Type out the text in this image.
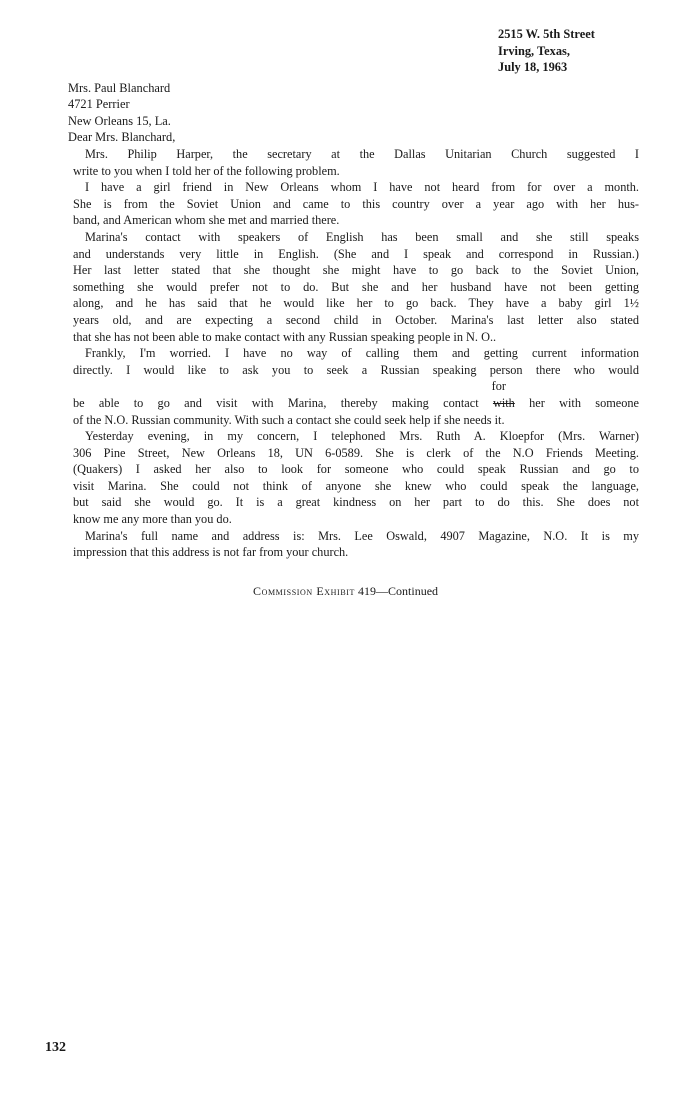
2515 W. 5th Street
Irving, Texas,
July 18, 1963
Mrs. Paul Blanchard
4721 Perrier
New Orleans 15, La.
Dear Mrs. Blanchard,
Mrs. Philip Harper, the secretary at the Dallas Unitarian Church suggested I
write to you when I told her of the following problem.
I have a girl friend in New Orleans whom I have not heard from for over a month.
She is from the Soviet Union and came to this country over a year ago with her hus-
band, and American whom she met and married there.
Marina's contact with speakers of English has been small and she still speaks
and understands very little in English. (She and I speak and correspond in Russian.)
Her last letter stated that she thought she might have to go back to the Soviet Union,
something she would prefer not to do. But she and her husband have not been getting
along, and he has said that he would like her to go back. They have a baby girl 1½
years old, and are expecting a second child in October. Marina's last letter also stated
that she has not been able to make contact with any Russian speaking people in N. O..
Frankly, I'm worried. I have no way of calling them and getting current information
directly. I would like to ask you to seek a Russian speaking person there who would
for
be able to go and visit with Marina, thereby making contact with her with someone
of the N.O. Russian community. With such a contact she could seek help if she needs it.
Yesterday evening, in my concern, I telephoned Mrs. Ruth A. Kloepfor (Mrs. Warner)
306 Pine Street, New Orleans 18, UN 6-0589. She is clerk of the N.O Friends Meeting.
(Quakers) I asked her also to look for someone who could speak Russian and go to
visit Marina. She could not think of anyone she knew who could speak the language,
but said she would go. It is a great kindness on her part to do this. She does not
know me any more than you do.
Marina's full name and address is: Mrs. Lee Oswald, 4907 Magazine, N.O. It is my
impression that this address is not far from your church.
Commission Exhibit 419—Continued
132
